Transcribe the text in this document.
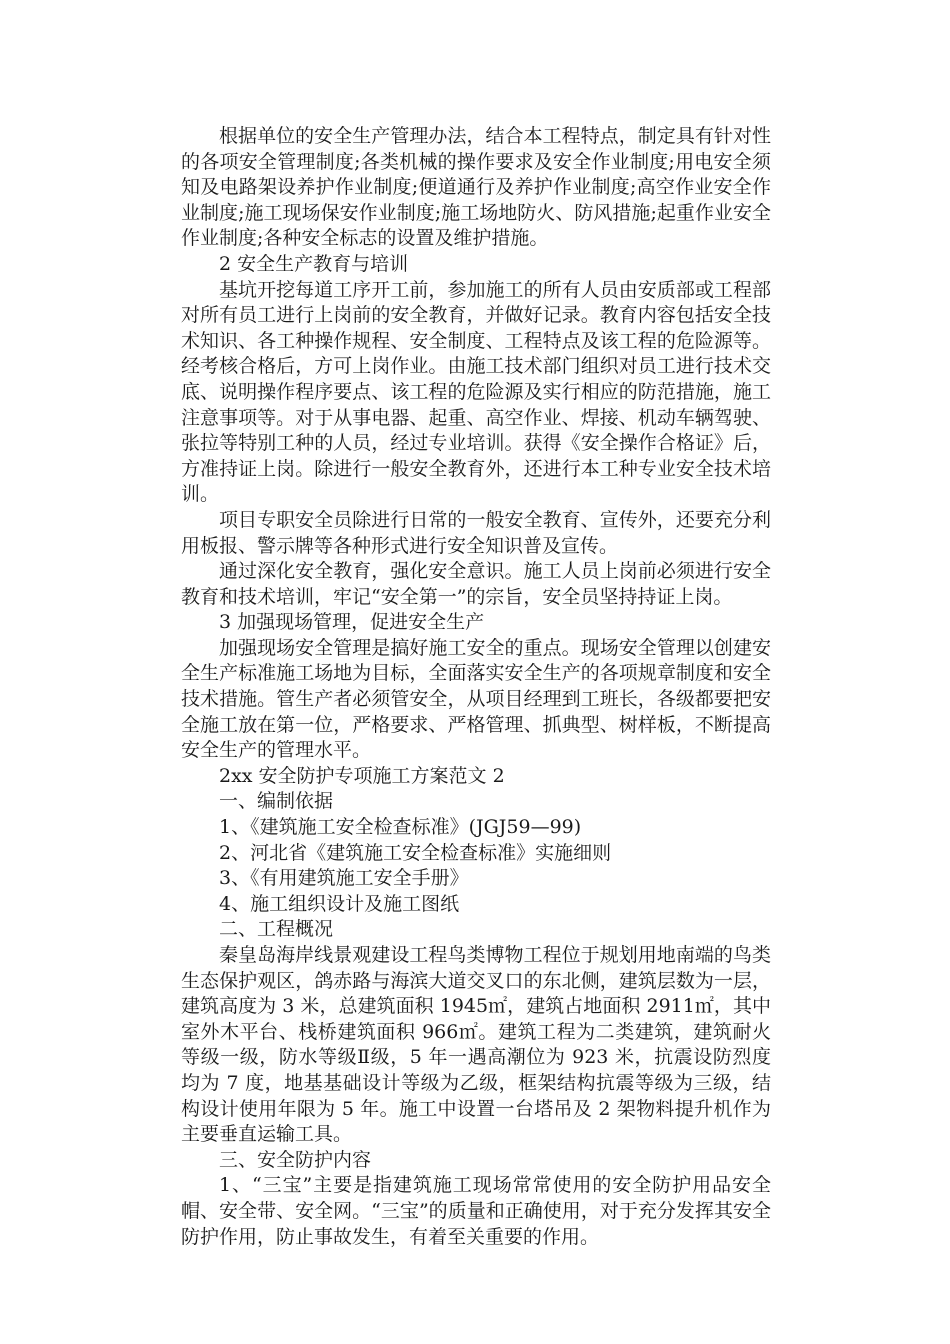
根据单位的安全生产管理办法，结合本工程特点，制定具有针对性的各项安全管理制度;各类机械的操作要求及安全作业制度;用电安全须知及电路架设养护作业制度;便道通行及养护作业制度;高空作业安全作业制度;施工现场保安作业制度;施工场地防火、防风措施;起重作业安全作业制度;各种安全标志的设置及维护措施。

2 安全生产教育与培训

基坑开挖每道工序开工前，参加施工的所有人员由安质部或工程部对所有员工进行上岗前的安全教育，并做好记录。教育内容包括安全技术知识、各工种操作规程、安全制度、工程特点及该工程的危险源等。经考核合格后，方可上岗作业。由施工技术部门组织对员工进行技术交底、说明操作程序要点、该工程的危险源及实行相应的防范措施，施工注意事项等。对于从事电器、起重、高空作业、焊接、机动车辆驾驶、张拉等特别工种的人员，经过专业培训。获得《安全操作合格证》后，方准持证上岗。除进行一般安全教育外，还进行本工种专业安全技术培训。

项目专职安全员除进行日常的一般安全教育、宣传外，还要充分利用板报、警示牌等各种形式进行安全知识普及宣传。

通过深化安全教育，强化安全意识。施工人员上岗前必须进行安全教育和技术培训，牢记“安全第一”的宗旨，安全员坚持持证上岗。

3 加强现场管理，促进安全生产

加强现场安全管理是搞好施工安全的重点。现场安全管理以创建安全生产标准施工场地为目标，全面落实安全生产的各项规章制度和安全技术措施。管生产者必须管安全，从项目经理到工班长，各级都要把安全施工放在第一位，严格要求、严格管理、抓典型、树样板，不断提高安全生产的管理水平。

2xx 安全防护专项施工方案范文 2

一、编制依据

1、《建筑施工安全检查标准》(JGJ59—99)

2、河北省《建筑施工安全检查标准》实施细则

3、《有用建筑施工安全手册》

4、施工组织设计及施工图纸

二、工程概况

秦皇岛海岸线景观建设工程鸟类博物工程位于规划用地南端的鸟类生态保护观区，鸽赤路与海滨大道交叉口的东北侧，建筑层数为一层，建筑高度为 3 米，总建筑面积 1945㎡，建筑占地面积 2911㎡，其中室外木平台、栈桥建筑面积 966㎡。建筑工程为二类建筑，建筑耐火等级一级，防水等级Ⅱ级，5 年一遇高潮位为 923 米，抗震设防烈度均为 7 度，地基基础设计等级为乙级，框架结构抗震等级为三级，结构设计使用年限为 5 年。施工中设置一台塔吊及 2 架物料提升机作为主要垂直运输工具。

三、安全防护内容

1、“三宝”主要是指建筑施工现场常常使用的安全防护用品安全帽、安全带、安全网。“三宝”的质量和正确使用，对于充分发挥其安全防护作用，防止事故发生，有着至关重要的作用。
